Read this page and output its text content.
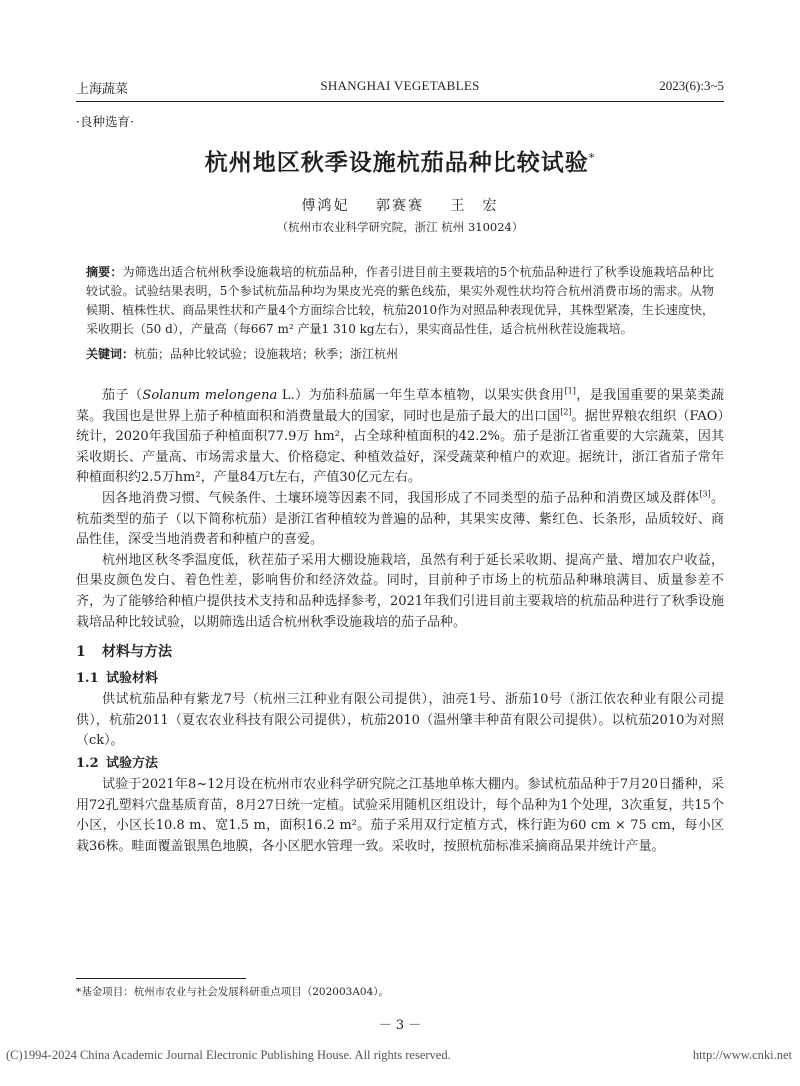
上海蔬菜	SHANGHAI VEGETABLES	2023(6):3~5
·良种选育·
杭州地区秋季设施杭茄品种比较试验*
傅鸿妃 郭赛赛 王　宏
（杭州市农业科学研究院，浙江 杭州 310024）

摘要：为筛选出适合杭州秋季设施栽培的杭茄品种，作者引进目前主要栽培的5个杭茄品种进行了秋季设施栽培品种比较试验。试验结果表明，5个参试杭茄品种均为果皮光亮的紫色线茄，果实外观性状均符合杭州消费市场的需求。从物候期、植株性状、商品果性状和产量4个方面综合比较，杭茄2010作为对照品种表现优异，其株型紧凑，生长速度快，采收期长（50 d），产量高（每667 m² 产量1 310 kg左右），果实商品性佳，适合杭州秋茬设施栽培。

关键词：杭茄；品种比较试验；设施栽培；秋季；浙江杭州

茄子（Solanum melongena L.）为茄科茄属一年生草本植物，以果实供食用[1]，是我国重要的果菜类蔬菜。我国也是世界上茄子种植面积和消费量最大的国家，同时也是茄子最大的出口国[2]。据世界粮农组织（FAO）统计，2020年我国茄子种植面积77.9万 hm²，占全球种植面积的42.2%。茄子是浙江省重要的大宗蔬菜，因其采收期长、产量高、市场需求量大、价格稳定、种植效益好，深受蔬菜种植户的欢迎。据统计，浙江省茄子常年种植面积约2.5万hm²，产量84万t左右，产值30亿元左右。

因各地消费习惯、气候条件、土壤环境等因素不同，我国形成了不同类型的茄子品种和消费区域及群体[3]。杭茄类型的茄子（以下简称杭茄）是浙江省种植较为普遍的品种，其果实皮薄、紫红色、长条形，品质较好、商品性佳，深受当地消费者和种植户的喜爱。

杭州地区秋冬季温度低，秋茬茄子采用大棚设施栽培，虽然有利于延长采收期、提高产量、增加农户收益，但果皮颜色发白、着色性差，影响售价和经济效益。同时，目前种子市场上的杭茄品种琳琅满目、质量参差不齐，为了能够给种植户提供技术支持和品种选择参考，2021年我们引进目前主要栽培的杭茄品种进行了秋季设施栽培品种比较试验，以期筛选出适合杭州秋季设施栽培的茄子品种。

1 材料与方法
1.1 试验材料

供试杭茄品种有紫龙7号（杭州三江种业有限公司提供），油亮1号、浙茄10号（浙江依农种业有限公司提供），杭茄2011（夏农农业科技有限公司提供），杭茄2010（温州肇丰种苗有限公司提供）。以杭茄2010为对照（ck）。

1.2 试验方法

试验于2021年8~12月设在杭州市农业科学研究院之江基地单栋大棚内。参试杭茄品种于7月20日播种，采用72孔塑料穴盘基质育苗，8月27日统一定植。试验采用随机区组设计，每个品种为1个处理，3次重复，共15个小区，小区长10.8 m、宽1.5 m，面积16.2 m²。茄子采用双行定植方式，株行距为60 cm × 75 cm，每小区栽36株。畦面覆盖银黑色地膜，各小区肥水管理一致。采收时，按照杭茄标准采摘商品果并统计产量。

*基金项目：杭州市农业与社会发展科研重点项目（202003A04）。
－ 3 －
(C)1994-2024 China Academic Journal Electronic Publishing House. All rights reserved.	http://www.cnki.net
